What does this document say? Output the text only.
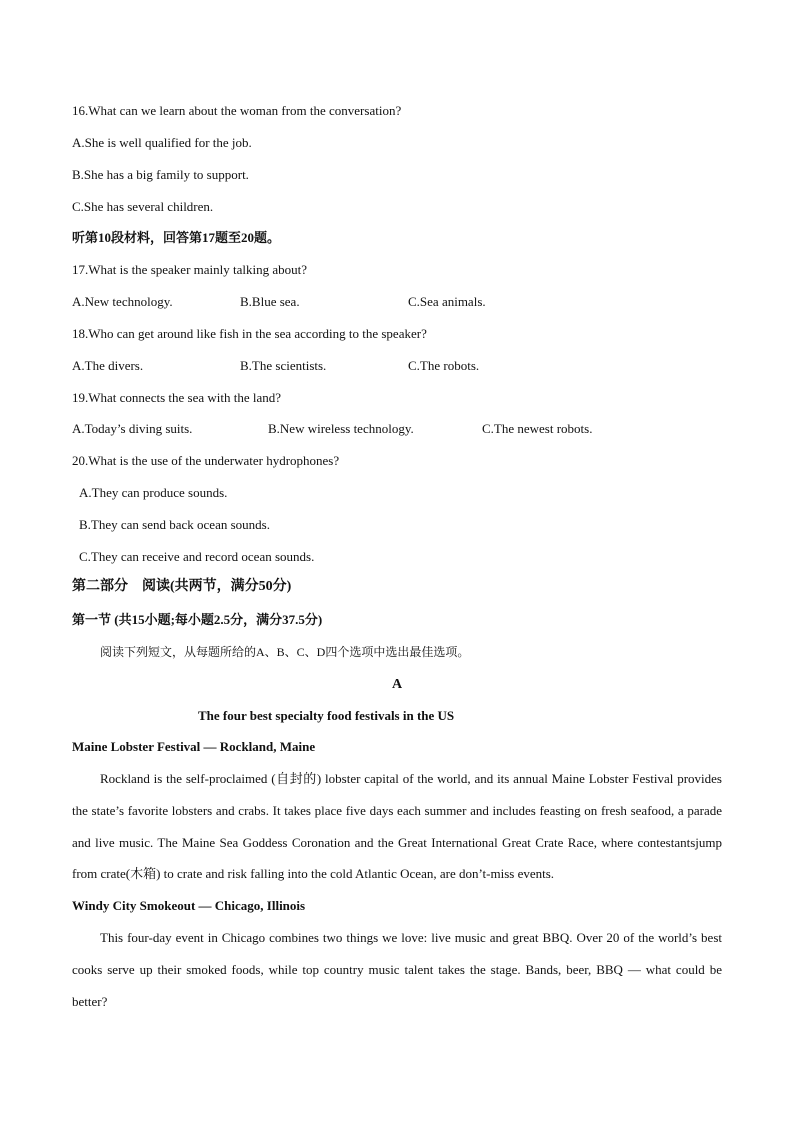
16.What can we learn about the woman from the conversation?
A.She is well qualified for the job.
B.She has a big family to support.
C.She has several children.
听第10段材料，回答第17题至20题。
17.What is the speaker mainly talking about?
A.New technology.	B.Blue sea.	C.Sea animals.
18.Who can get around like fish in the sea according to the speaker?
A.The divers.	B.The scientists.	C.The robots.
19.What connects the sea with the land?
A.Today’s diving suits.	B.New wireless technology.	C.The newest robots.
20.What is the use of the underwater hydrophones?
A.They can produce sounds.
B.They can send back ocean sounds.
C.They can receive and record ocean sounds.
第二部分　阅读(共两节，满分50分)
第一节 (共15小题;每小题2.5分，满分37.5分)
阅读下列短文，从每题所给的A、B、C、D四个选项中选出最佳选项。
A
The four best specialty food festivals in the US
Maine Lobster Festival — Rockland, Maine
Rockland is the self-proclaimed (自封的) lobster capital of the world, and its annual Maine Lobster Festival provides the state’s favorite lobsters and crabs. It takes place five days each summer and includes feasting on fresh seafood, a parade and live music. The Maine Sea Goddess Coronation and the Great International Great Crate Race, where contestantsjump from crate(木箱) to crate and risk falling into the cold Atlantic Ocean, are don’t-miss events.
Windy City Smokeout — Chicago, Illinois
This four-day event in Chicago combines two things we love: live music and great BBQ. Over 20 of the world’s best cooks serve up their smoked foods, while top country music talent takes the stage. Bands, beer, BBQ — what could be better?
